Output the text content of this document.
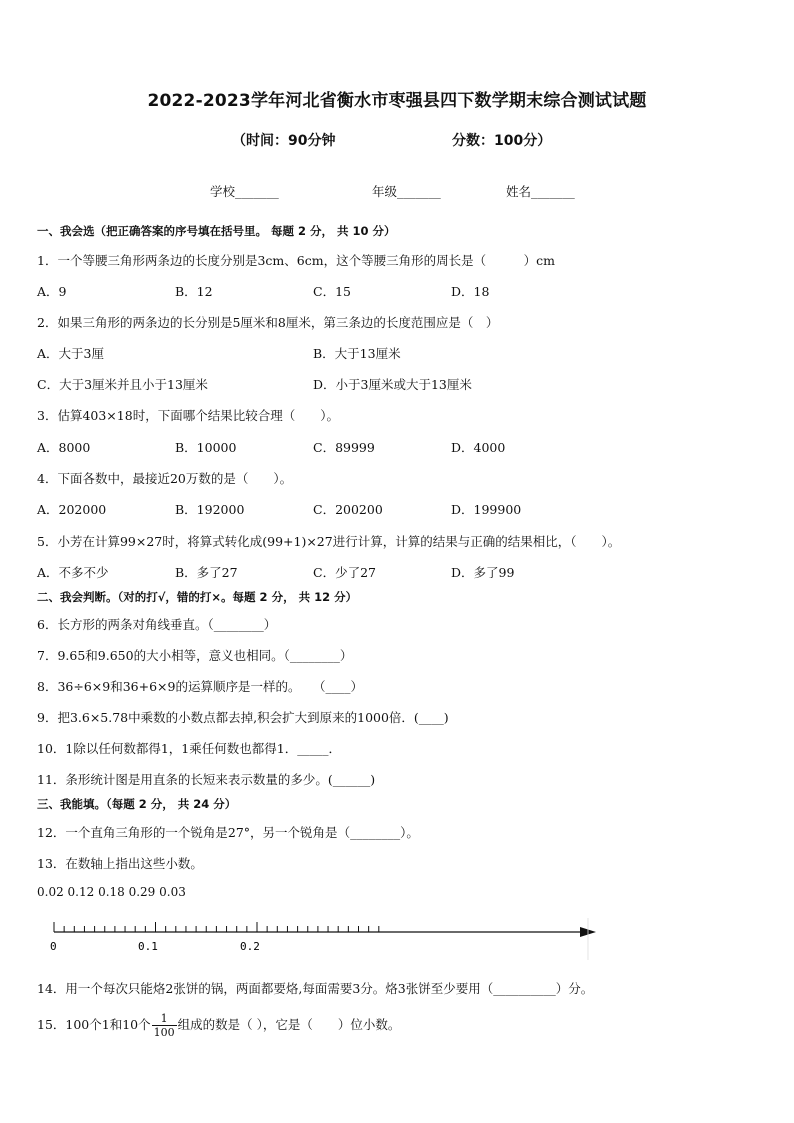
2022-2023学年河北省衡水市枣强县四下数学期末综合测试试题
（时间：90分钟	分数：100分）
学校_______	年级_______	姓名_______
一、我会选（把正确答案的序号填在括号里。 每题 2 分， 共 10 分）
1．一个等腰三角形两条边的长度分别是3cm、6cm，这个等腰三角形的周长是（　　　）cm
A．9	B．12	C．15	D．18
2．如果三角形的两条边的长分别是5厘米和8厘米，第三条边的长度范围应是（　）
A．大于3厘	B．大于13厘米
C．大于3厘米并且小于13厘米	D．小于3厘米或大于13厘米
3．估算403×18时，下面哪个结果比较合理（　　）。
A．8000	B．10000	C．89999	D．4000
4．下面各数中，最接近20万数的是（　　）。
A．202000	B．192000	C．200200	D．199900
5．小芳在计算99×27时，将算式转化成(99+1)×27进行计算，计算的结果与正确的结果相比，（　　）。
A．不多不少	B．多了27	C．少了27	D．多了99
二、我会判断。（对的打√，错的打×。每题 2 分， 共 12 分）
6．长方形的两条对角线垂直。（________）
7．9.65和9.650的大小相等，意义也相同。（________）
8．36÷6×9和36+6×9的运算顺序是一样的。　　（____）
9．把3.6×5.78中乘数的小数点都去掉,积会扩大到原来的1000倍．(____)
10．1除以任何数都得1，1乘任何数也都得1．_____．
11．条形统计图是用直条的长短来表示数量的多少。(______)
三、我能填。（每题 2 分， 共 24 分）
12．一个直角三角形的一个锐角是27°，另一个锐角是（________）。
13．在数轴上指出这些小数。
0.02 0.12 0.18 0.29 0.03
0	0.1	0.2
14．用一个每次只能烙2张饼的锅，两面都要烙,每面需要3分。烙3张饼至少要用（__________）分。
15．100个1和10个 $\frac{1}{100}$ 组成的数是（ ），它是（　　）位小数。
